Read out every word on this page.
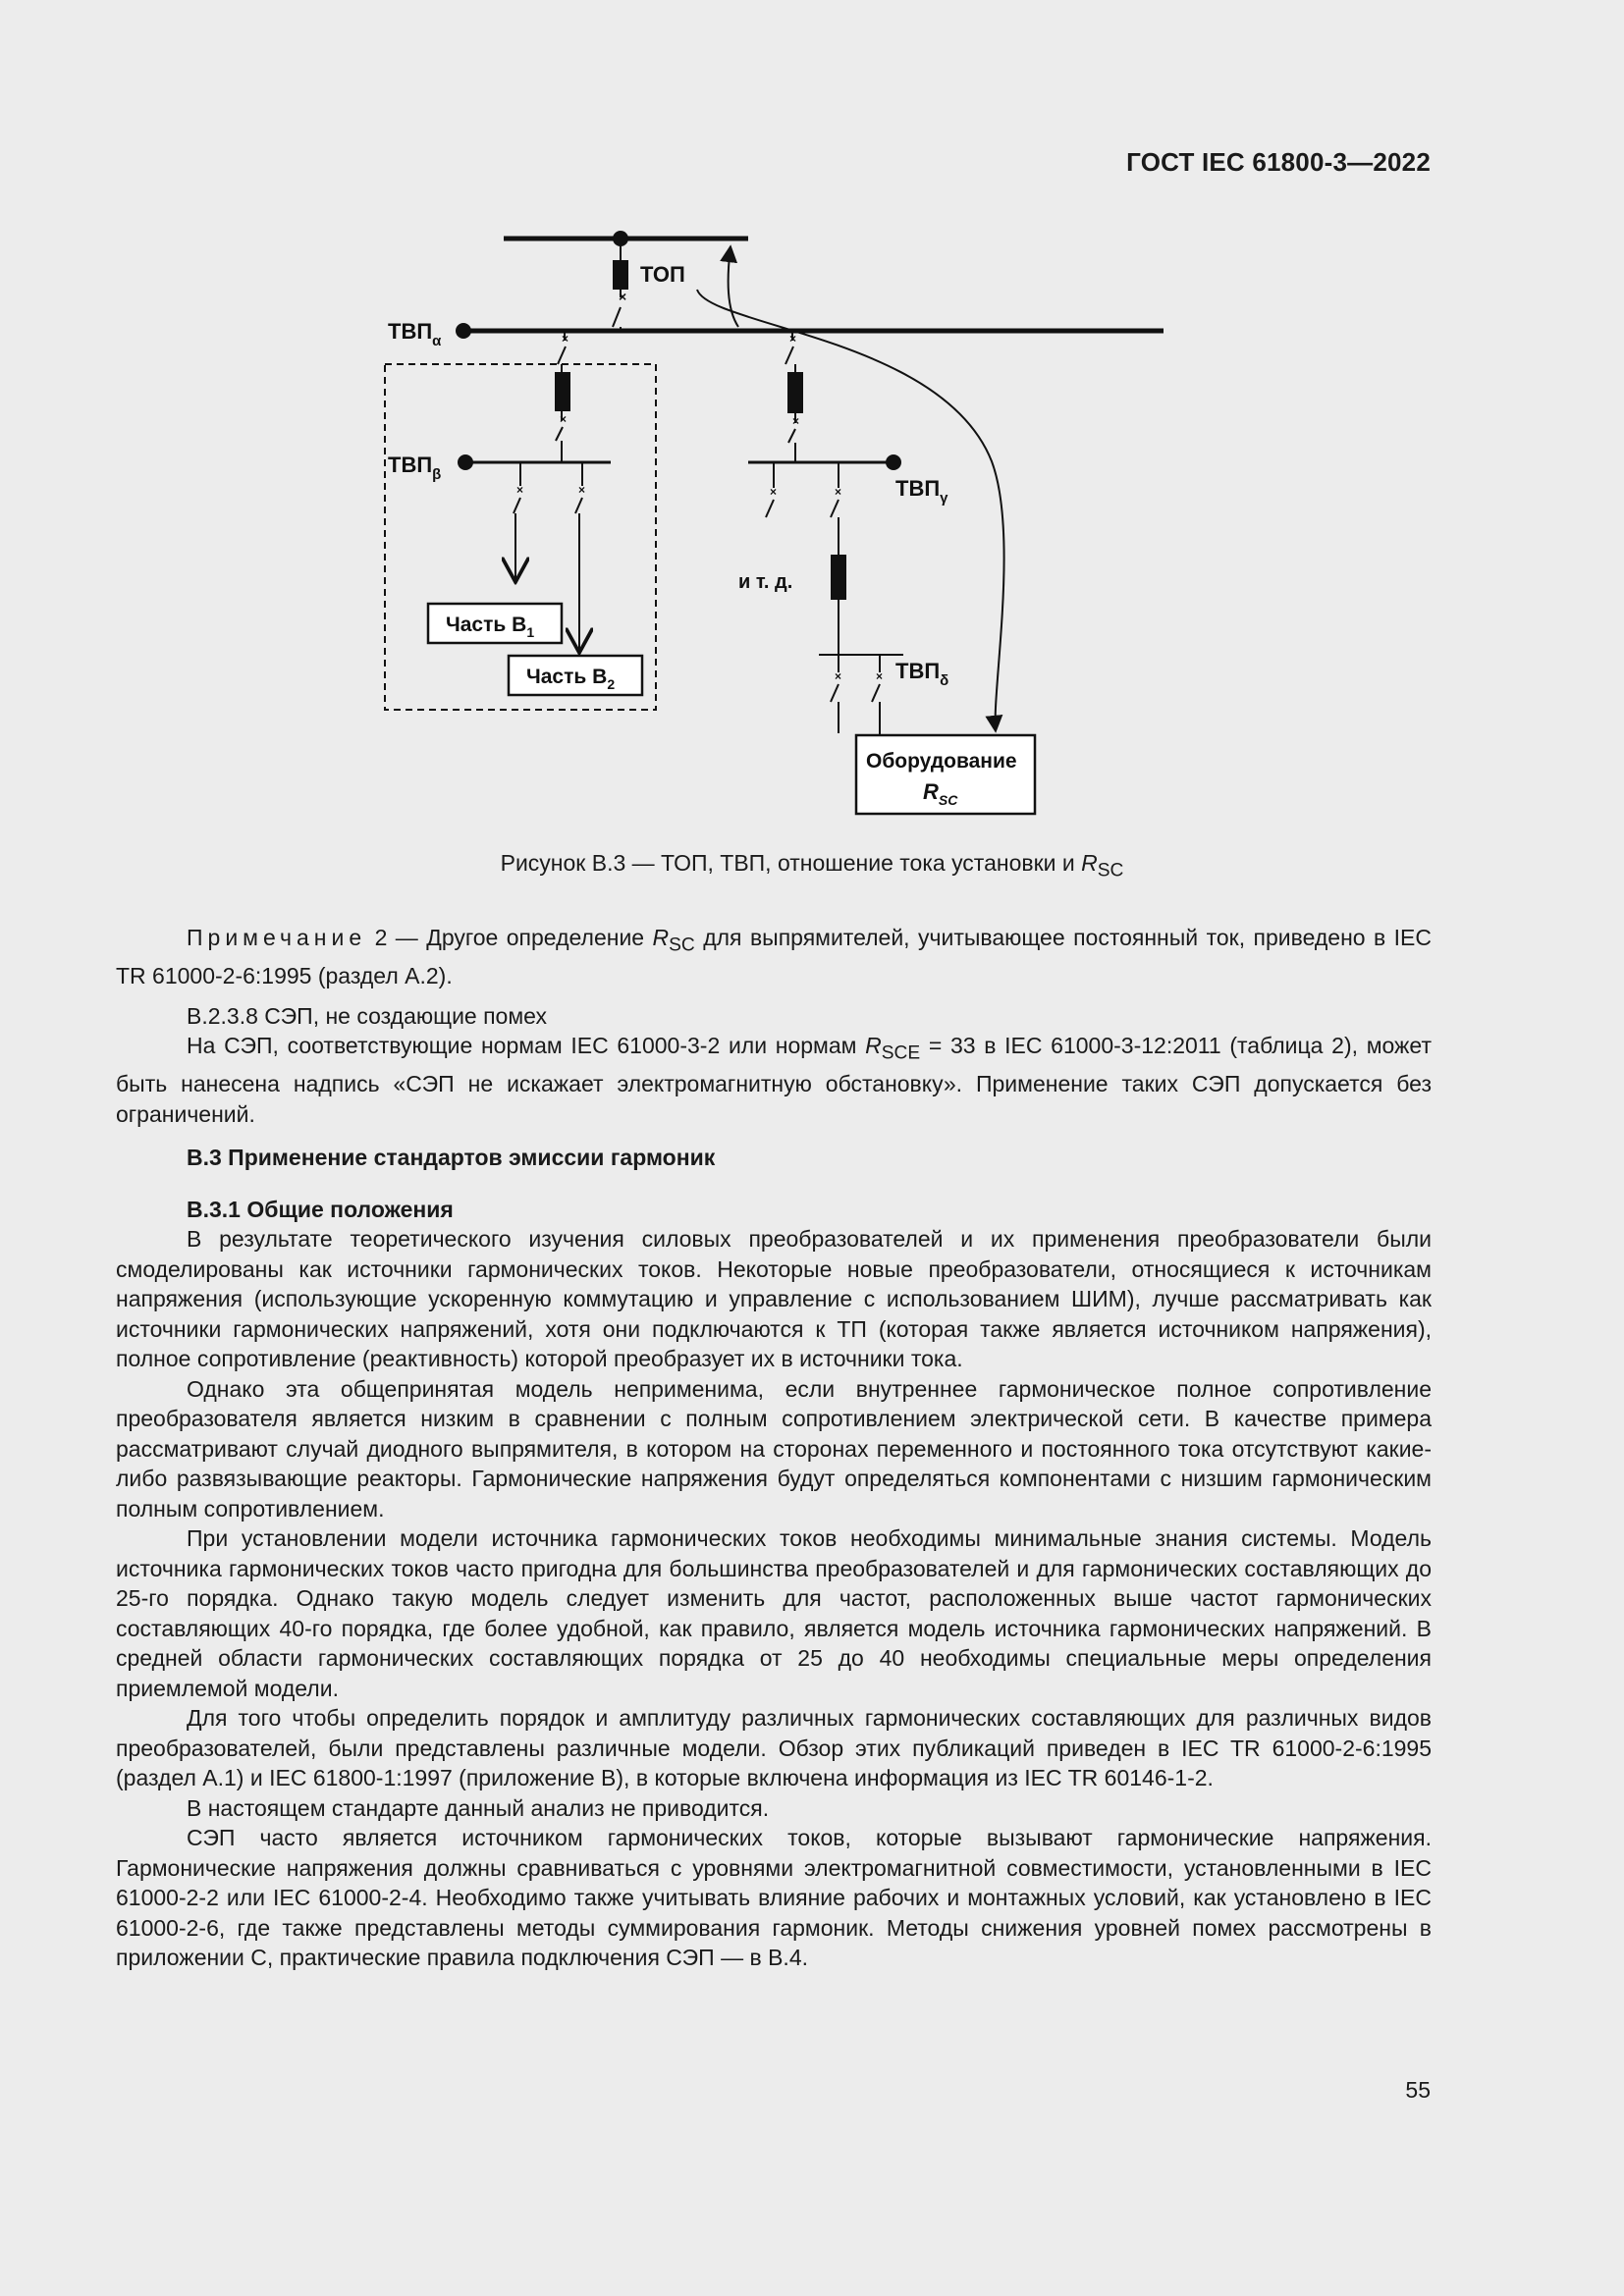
ГОСТ IEC 61800-3—2022
×
ТОП
$ТВП_\alpha$	×
×
×	×
$ТВП_\beta$
Часть $B_1$
Часть $B_2$
×
×
×	×
×	×
$ТВП_\gamma$
и т. д.
$ТВП_\delta$
Оборудование
$R_{SC}$
Рисунок B.3 — ТОП, ТВП, отношение тока установки и $R_{SC}$

Примечание 2 — Другое определение $R_{SC}$ для выпрямителей, учитывающее постоянный ток, приведено в IEC TR 61000-2-6:1995 (раздел А.2).

B.2.3.8 СЭП, не создающие помех

На СЭП, соответствующие нормам IEC 61000-3-2 или нормам $R_{SCE} = 33$ в IEC 61000-3-12:2011 (таблица 2), может быть нанесена надпись «СЭП не искажает электромагнитную обстановку». Применение таких СЭП допускается без ограничений.

B.3 Применение стандартов эмиссии гармоник

B.3.1 Общие положения

В результате теоретического изучения силовых преобразователей и их применения преобразователи были смоделированы как источники гармонических токов. Некоторые новые преобразователи, относящиеся к источникам напряжения (использующие ускоренную коммутацию и управление с использованием ШИМ), лучше рассматривать как источники гармонических напряжений, хотя они подключаются к ТП (которая также является источником напряжения), полное сопротивление (реактивность) которой преобразует их в источники тока.

Однако эта общепринятая модель неприменима, если внутреннее гармоническое полное сопротивление преобразователя является низким в сравнении с полным сопротивлением электрической сети. В качестве примера рассматривают случай диодного выпрямителя, в котором на сторонах переменного и постоянного тока отсутствуют какие-либо развязывающие реакторы. Гармонические напряжения будут определяться компонентами с низшим гармоническим полным сопротивлением.

При установлении модели источника гармонических токов необходимы минимальные знания системы. Модель источника гармонических токов часто пригодна для большинства преобразователей и для гармонических составляющих до 25-го порядка. Однако такую модель следует изменить для частот, расположенных выше частот гармонических составляющих 40-го порядка, где более удобной, как правило, является модель источника гармонических напряжений. В средней области гармонических составляющих порядка от 25 до 40 необходимы специальные меры определения приемлемой модели.

Для того чтобы определить порядок и амплитуду различных гармонических составляющих для различных видов преобразователей, были представлены различные модели. Обзор этих публикаций приведен в IEC TR 61000-2-6:1995 (раздел А.1) и IEC 61800-1:1997 (приложение B), в которые включена информация из IEC TR 60146-1-2.

В настоящем стандарте данный анализ не приводится.

СЭП часто является источником гармонических токов, которые вызывают гармонические напряжения. Гармонические напряжения должны сравниваться с уровнями электромагнитной совместимости, установленными в IEC 61000-2-2 или IEC 61000-2-4. Необходимо также учитывать влияние рабочих и монтажных условий, как установлено в IEC 61000-2-6, где также представлены методы суммирования гармоник. Методы снижения уровней помех рассмотрены в приложении С, практические правила подключения СЭП — в B.4.

55
